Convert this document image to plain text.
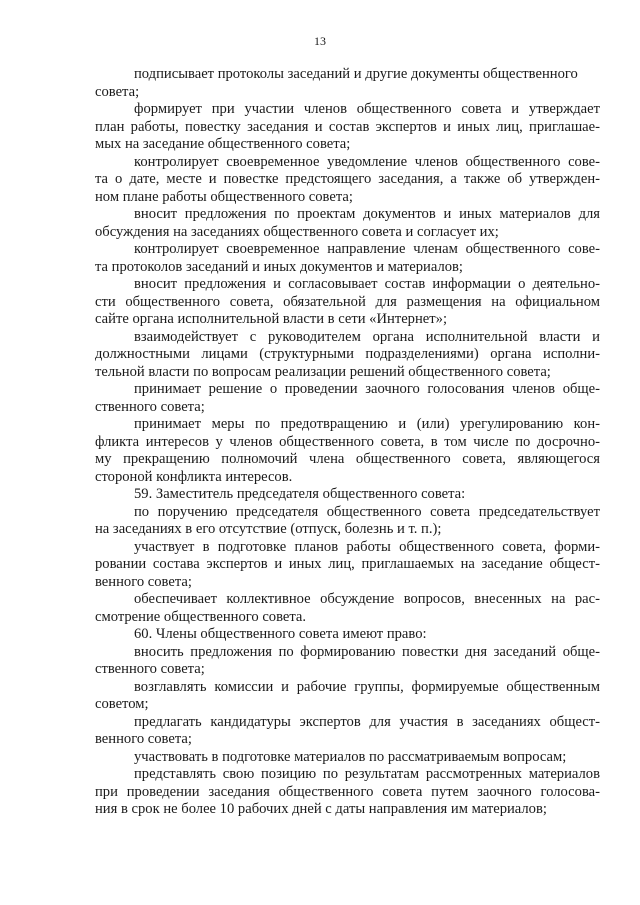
13
подписывает протоколы заседаний и другие документы общественного
совета;
формирует при участии членов общественного совета и утверждает
план работы, повестку заседания и состав экспертов и иных лиц, приглашае-
мых на заседание общественного совета;
контролирует своевременное уведомление членов общественного сове-
та о дате, месте и повестке предстоящего заседания, а также об утвержден-
ном плане работы общественного совета;
вносит предложения по проектам документов и иных материалов для
обсуждения на заседаниях общественного совета и согласует их;
контролирует своевременное направление членам общественного сове-
та протоколов заседаний и иных документов и материалов;
вносит предложения и согласовывает состав информации о деятельно-
сти общественного совета, обязательной для размещения на официальном
сайте органа исполнительной власти в сети «Интернет»;
взаимодействует с руководителем органа исполнительной власти и
должностными лицами (структурными подразделениями) органа исполни-
тельной власти по вопросам реализации решений общественного совета;
принимает решение о проведении заочного голосования членов обще-
ственного совета;
принимает меры по предотвращению и (или) урегулированию кон-
фликта интересов у членов общественного совета, в том числе по досрочно-
му прекращению полномочий члена общественного совета, являющегося
стороной конфликта интересов.
59. Заместитель председателя общественного совета:
по поручению председателя общественного совета председательствует
на заседаниях в его отсутствие (отпуск, болезнь и т. п.);
участвует в подготовке планов работы общественного совета, форми-
ровании состава экспертов и иных лиц, приглашаемых на заседание общест-
венного совета;
обеспечивает коллективное обсуждение вопросов, внесенных на рас-
смотрение общественного совета.
60. Члены общественного совета имеют право:
вносить предложения по формированию повестки дня заседаний обще-
ственного совета;
возглавлять комиссии и рабочие группы, формируемые общественным
советом;
предлагать кандидатуры экспертов для участия в заседаниях общест-
венного совета;
участвовать в подготовке материалов по рассматриваемым вопросам;
представлять свою позицию по результатам рассмотренных материалов
при проведении заседания общественного совета путем заочного голосова-
ния в срок не более 10 рабочих дней с даты направления им материалов;
